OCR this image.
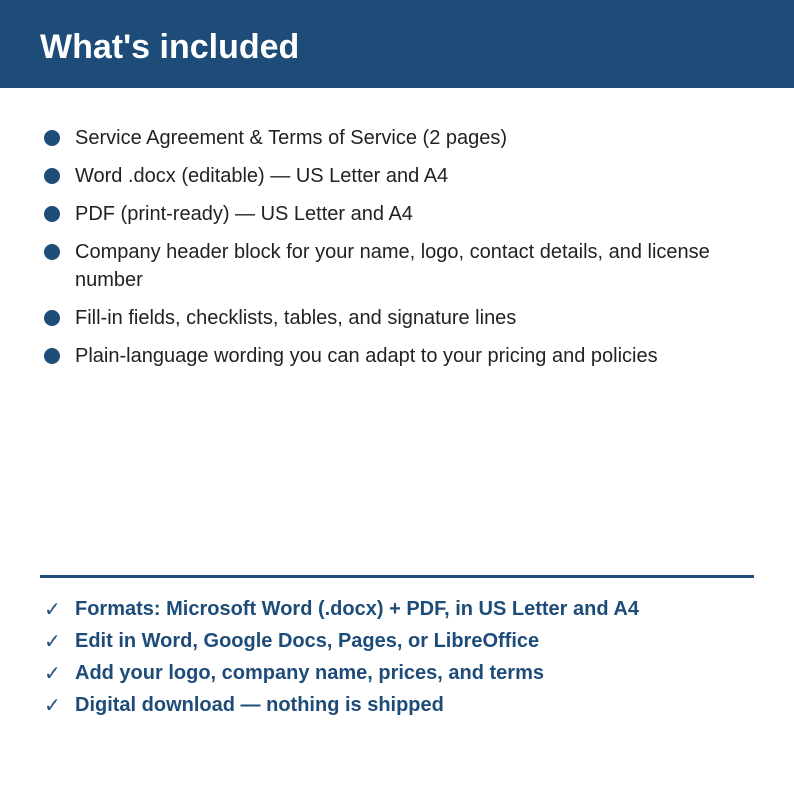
What's included
Service Agreement & Terms of Service (2 pages)
Word .docx (editable) — US Letter and A4
PDF (print-ready) — US Letter and A4
Company header block for your name, logo, contact details, and license number
Fill-in fields, checklists, tables, and signature lines
Plain-language wording you can adapt to your pricing and policies
✓ Formats: Microsoft Word (.docx) + PDF, in US Letter and A4
✓ Edit in Word, Google Docs, Pages, or LibreOffice
✓ Add your logo, company name, prices, and terms
✓ Digital download — nothing is shipped
